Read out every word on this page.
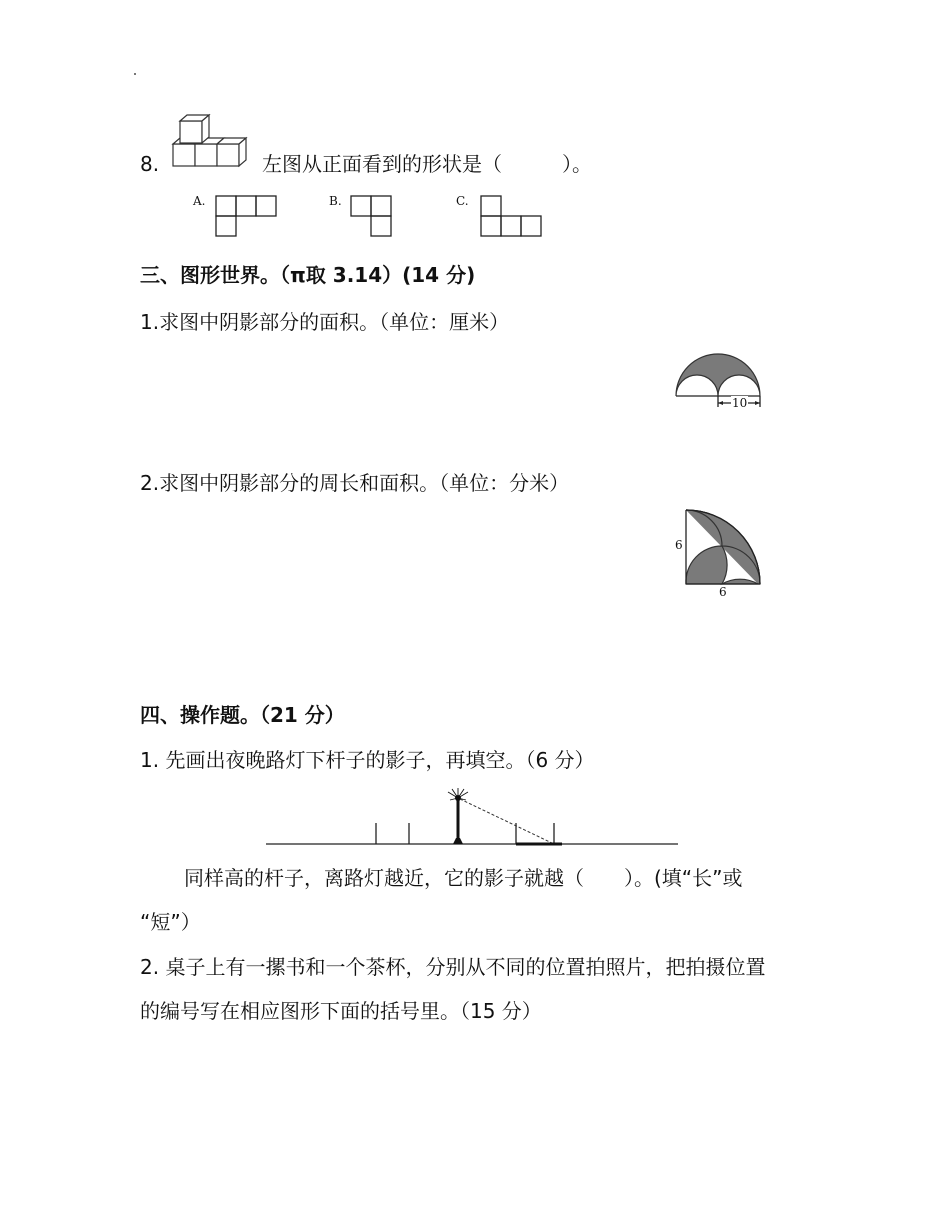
8.	左图从正面看到的形状是（	）。
A.	B.	C.
三、图形世界。（π取 3.14）(14 分)
1.求图中阴影部分的面积。（单位：厘米）
10
2.求图中阴影部分的周长和面积。（单位：分米）
6
6
四、操作题。（21 分）
1. 先画出夜晚路灯下杆子的影子，再填空。（6 分）
同样高的杆子，离路灯越近，它的影子就越（ ）。(填“长”或
“短”）
2. 桌子上有一摞书和一个茶杯，分别从不同的位置拍照片，把拍摄位置
的编号写在相应图形下面的括号里。（15 分）
